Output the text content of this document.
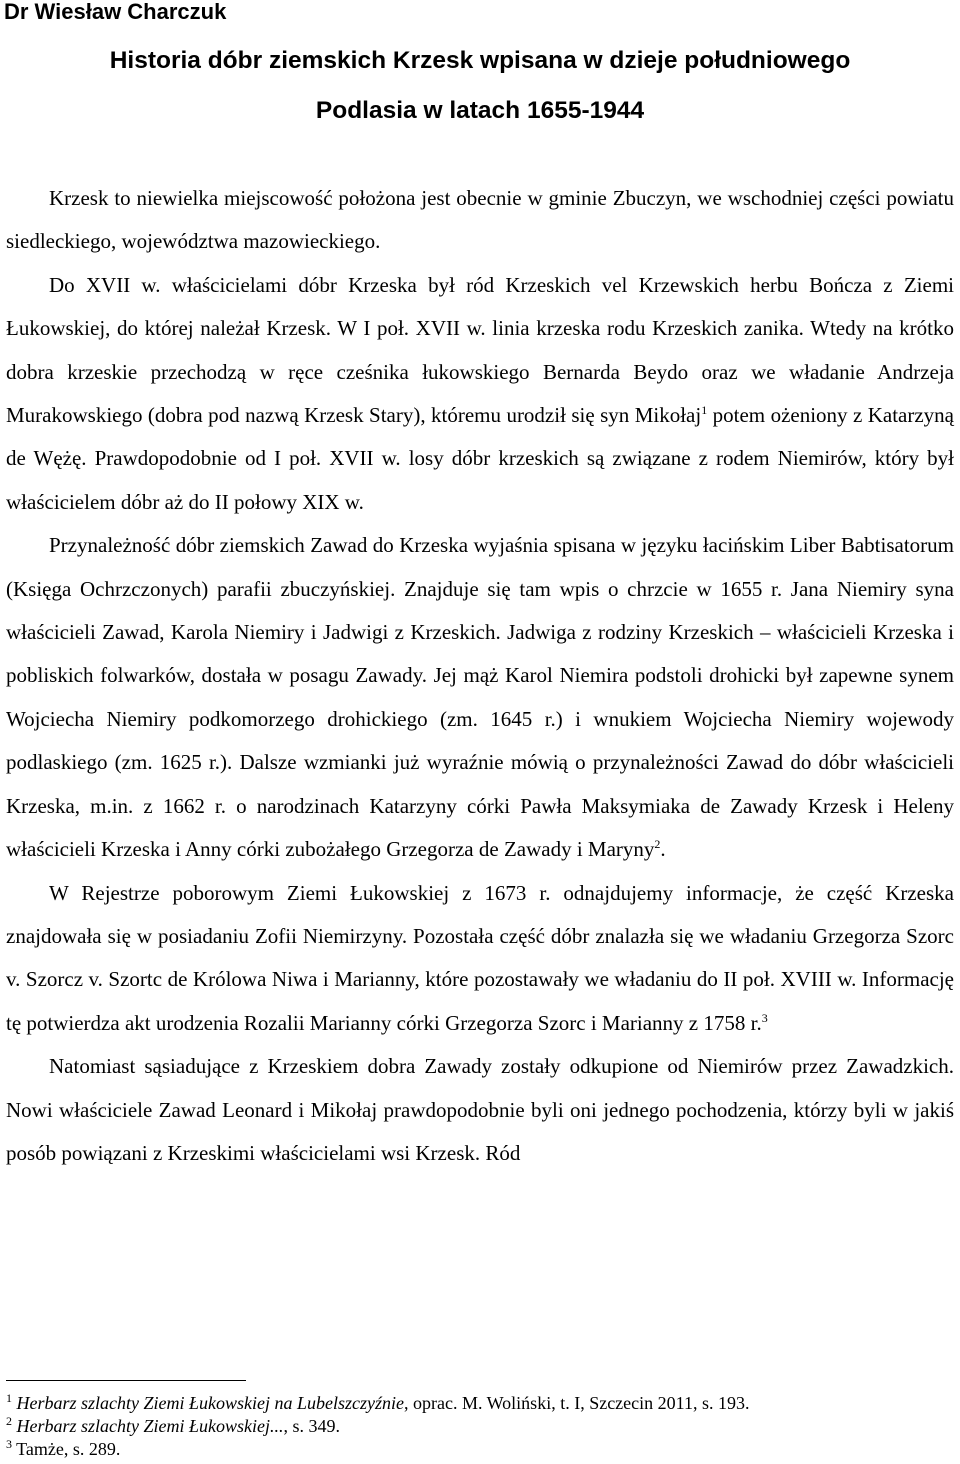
Dr Wiesław Charczuk
Historia dóbr ziemskich Krzesk wpisana w dzieje południowego
Podlasia w latach 1655-1944

Krzesk to niewielka miejscowość położona jest obecnie w gminie Zbuczyn, we wschodniej części powiatu siedleckiego, województwa mazowieckiego.

Do XVII w. właścicielami dóbr Krzeska był ród Krzeskich vel Krzewskich herbu Bończa z Ziemi Łukowskiej, do której należał Krzesk. W I poł. XVII w. linia krzeska rodu Krzeskich zanika. Wtedy na krótko dobra krzeskie przechodzą w ręce cześnika łukowskiego Bernarda Beydo oraz we władanie Andrzeja Murakowskiego (dobra pod nazwą Krzesk Stary), któremu urodził się syn Mikołaj$^1$ potem ożeniony z Katarzyną de Wężę. Prawdopodobnie od I poł. XVII w. losy dóbr krzeskich są związane z rodem Niemirów, który był właścicielem dóbr aż do II połowy XIX w.

Przynależność dóbr ziemskich Zawad do Krzeska wyjaśnia spisana w języku łacińskim Liber Babtisatorum (Księga Ochrzczonych) parafii zbuczyńskiej. Znajduje się tam wpis o chrzcie w 1655 r. Jana Niemiry syna właścicieli Zawad, Karola Niemiry i Jadwigi z Krzeskich. Jadwiga z rodziny Krzeskich – właścicieli Krzeska i pobliskich folwarków, dostała w posagu Zawady. Jej mąż Karol Niemira podstoli drohicki był zapewne synem Wojciecha Niemiry podkomorzego drohickiego (zm. 1645 r.) i wnukiem Wojciecha Niemiry wojewody podlaskiego (zm. 1625 r.). Dalsze wzmianki już wyraźnie mówią o przynależności Zawad do dóbr właścicieli Krzeska, m.in. z 1662 r. o narodzinach Katarzyny córki Pawła Maksymiaka de Zawady Krzesk i Heleny właścicieli Krzeska i Anny córki zubożałego Grzegorza de Zawady i Maryny$^2$.

W Rejestrze poborowym Ziemi Łukowskiej z 1673 r. odnajdujemy informacje, że część Krzeska znajdowała się w posiadaniu Zofii Niemirzyny. Pozostała część dóbr znalazła się we władaniu Grzegorza Szorc v. Szorcz v. Szortc de Królowa Niwa i Marianny, które pozostawały we władaniu do II poł. XVIII w. Informację tę potwierdza akt urodzenia Rozalii Marianny córki Grzegorza Szorc i Marianny z 1758 r.$^3$

Natomiast sąsiadujące z Krzeskiem dobra Zawady zostały odkupione od Niemirów przez Zawadzkich. Nowi właściciele Zawad Leonard i Mikołaj prawdopodobnie byli oni jednego pochodzenia, którzy byli w jakiś posób powiązani z Krzeskimi właścicielami wsi Krzesk. Ród

$^1$ Herbarz szlachty Ziemi Łukowskiej na Lubelszczyźnie, oprac. M. Woliński, t. I, Szczecin 2011, s. 193.

$^2$ Herbarz szlachty Ziemi Łukowskiej..., s. 349.

$^3$ Tamże, s. 289.
